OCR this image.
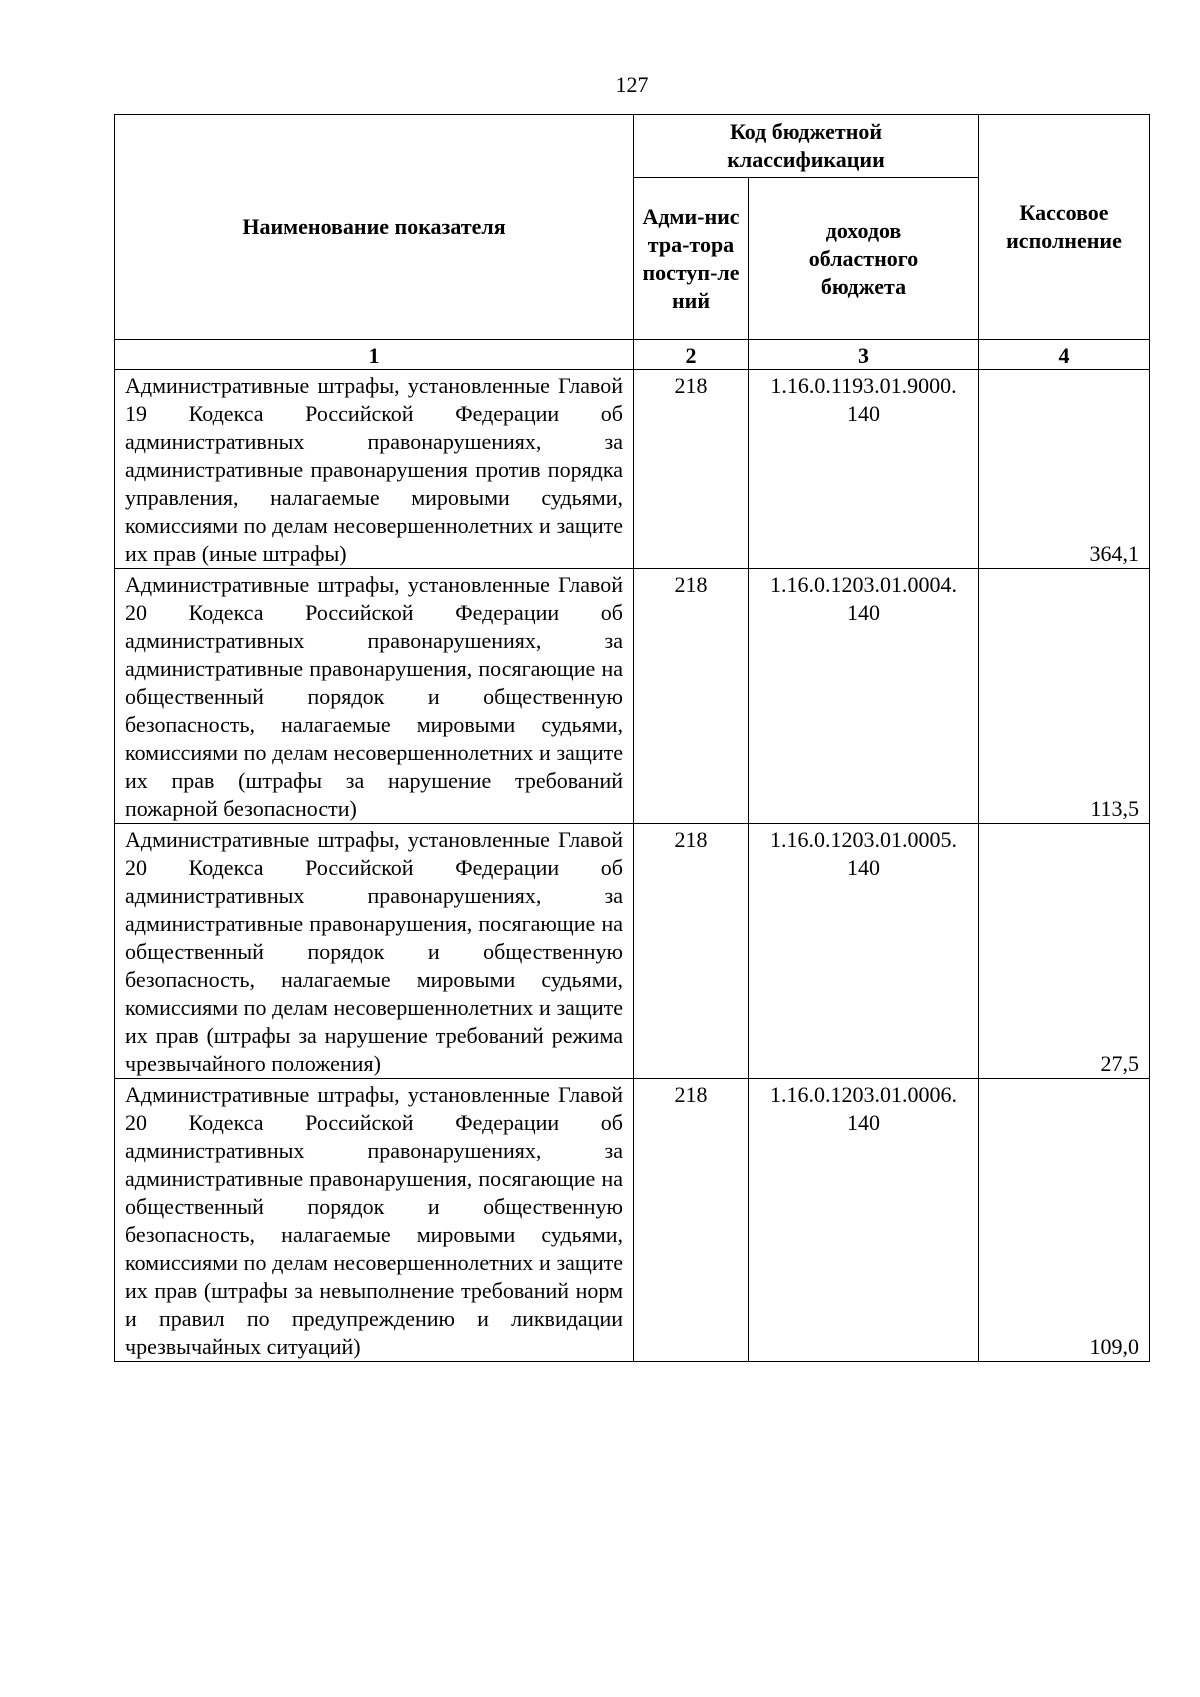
127
Наименование показателя	Код бюджетной классификации		Кассовое исполнение
	Адми-нистра-тора поступ-лений	доходов областного бюджета	
1	2	3	4
Административные штрафы, установленные Главой 19 Кодекса Российской Федерации об административных правонарушениях, за административные правонарушения против порядка управления, налагаемые мировыми судьями, комиссиями по делам несовершеннолетних и защите их прав (иные штрафы)	218	1.16.0.1193.01.9000. 140	364,1
Административные штрафы, установленные Главой 20 Кодекса Российской Федерации об административных правонарушениях, за административные правонарушения, посягающие на общественный порядок и общественную безопасность, налагаемые мировыми судьями, комиссиями по делам несовершеннолетних и защите их прав (штрафы за нарушение требований пожарной безопасности)	218	1.16.0.1203.01.0004. 140	113,5
Административные штрафы, установленные Главой 20 Кодекса Российской Федерации об административных правонарушениях, за административные правонарушения, посягающие на общественный порядок и общественную безопасность, налагаемые мировыми судьями, комиссиями по делам несовершеннолетних и защите их прав (штрафы за нарушение требований режима чрезвычайного положения)	218	1.16.0.1203.01.0005. 140	27,5
Административные штрафы, установленные Главой 20 Кодекса Российской Федерации об административных правонарушениях, за административные правонарушения, посягающие на общественный порядок и общественную безопасность, налагаемые мировыми судьями, комиссиями по делам несовершеннолетних и защите их прав (штрафы за невыполнение требований норм и правил по предупреждению и ликвидации чрезвычайных ситуаций)	218	1.16.0.1203.01.0006. 140	109,0
